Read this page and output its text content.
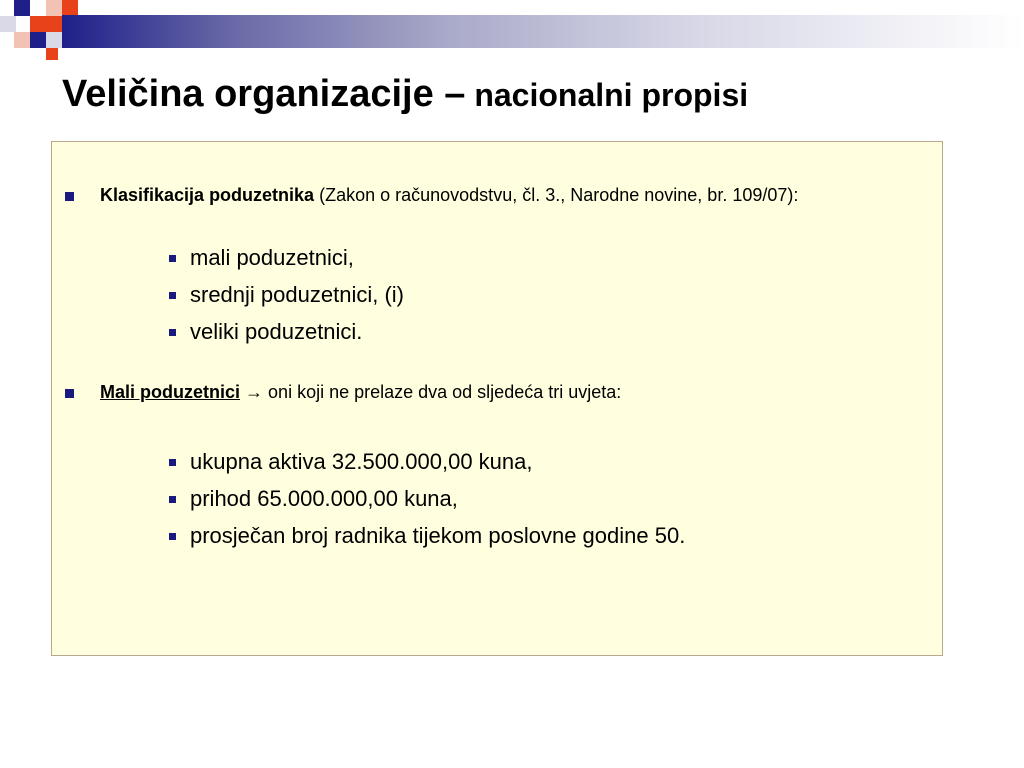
Veličina organizacije – nacionalni propisi
Klasifikacija poduzetnika (Zakon o računovodstvu, čl. 3., Narodne novine, br. 109/07):
mali poduzetnici,
srednji poduzetnici, (i)
veliki poduzetnici.
Mali poduzetnici → oni koji ne prelaze dva od sljedeća tri uvjeta:
ukupna aktiva 32.500.000,00 kuna,
prihod 65.000.000,00 kuna,
prosječan broj radnika tijekom poslovne godine 50.
